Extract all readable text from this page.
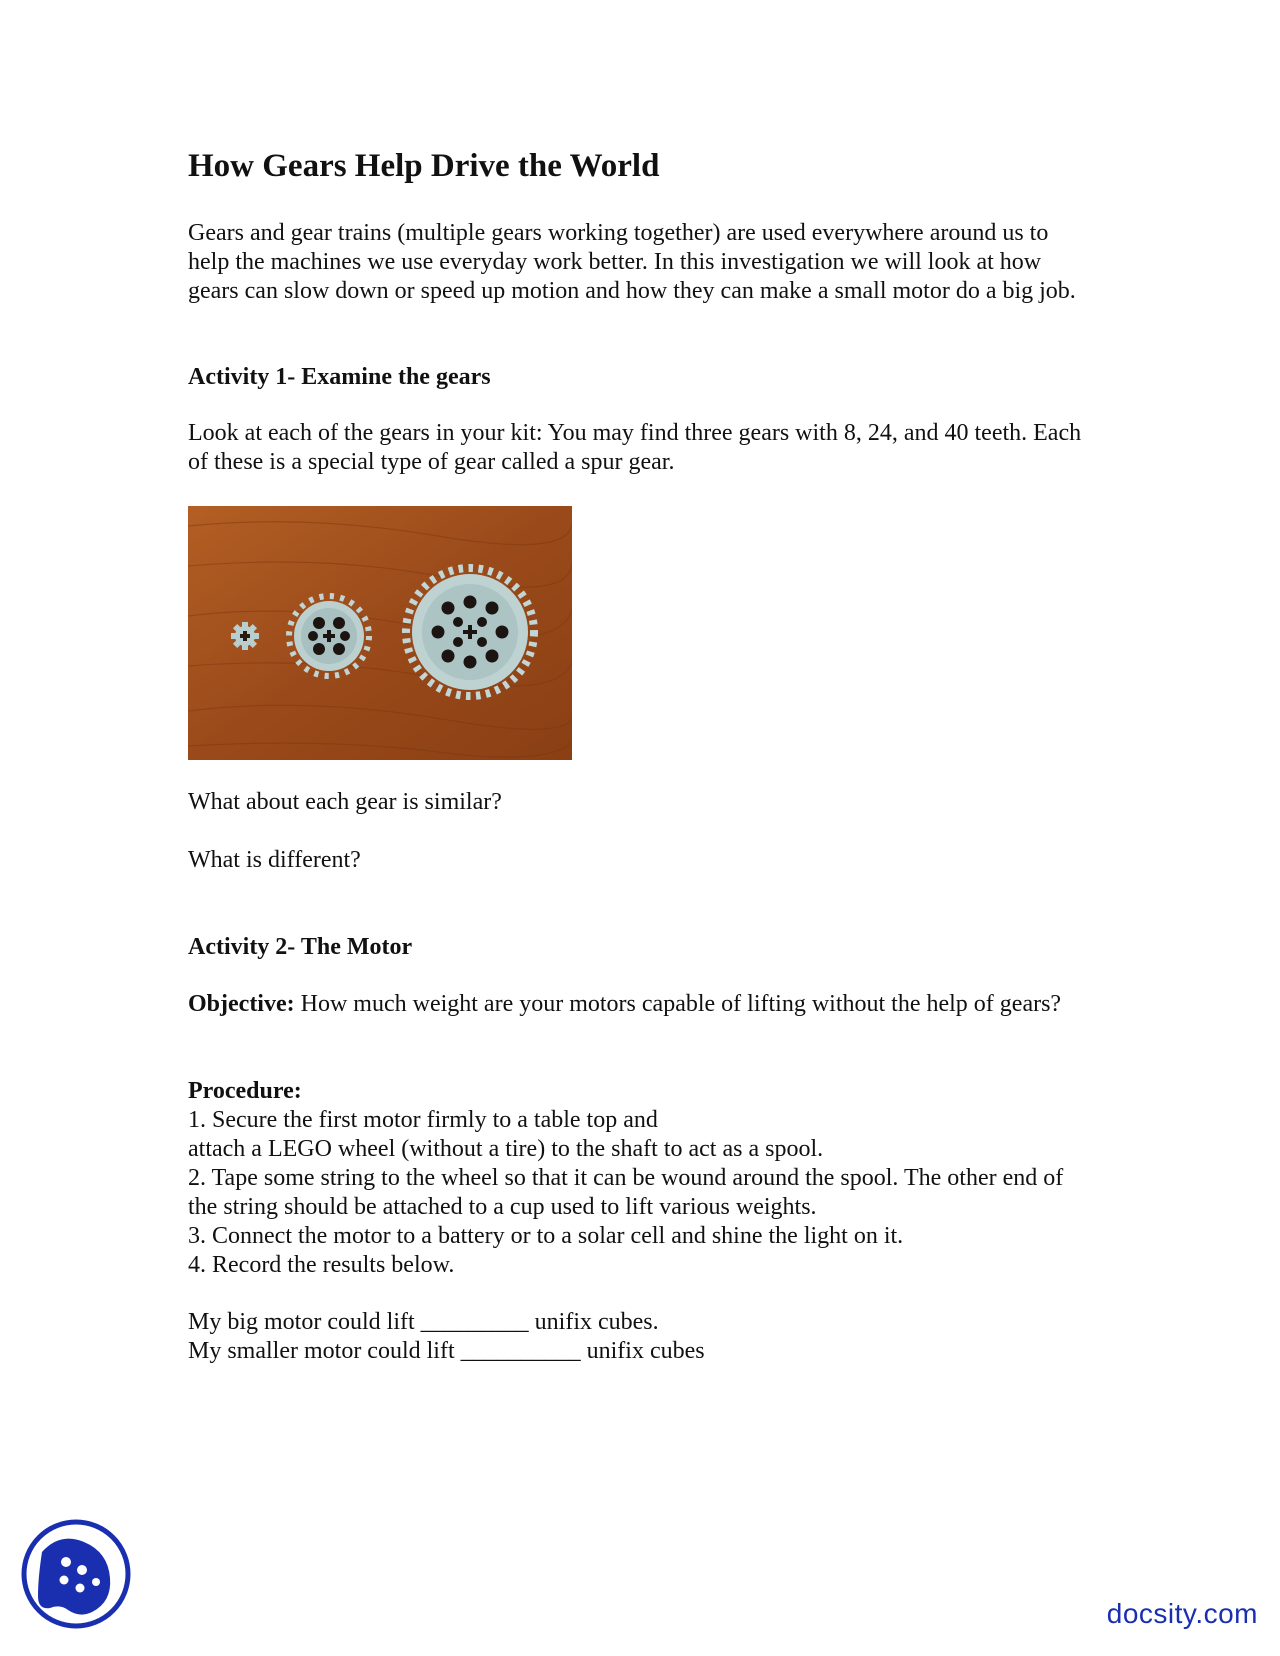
How Gears Help Drive the World

Gears and gear trains (multiple gears working together) are used everywhere around us to help the machines we use everyday work better. In this investigation we will look at how gears can slow down or speed up motion and how they can make a small motor do a big job.

Activity 1- Examine the gears

Look at each of the gears in your kit: You may find three gears with 8, 24, and 40 teeth. Each of these is a special type of gear called a spur gear.

What about each gear is similar?

What is different?

Activity 2- The Motor

Objective: How much weight are your motors capable of lifting without the help of gears?

Procedure:
1. Secure the first motor firmly to a table top and
attach a LEGO wheel (without a tire) to the shaft to act as a spool.
2. Tape some string to the wheel so that it can be wound around the spool. The other end of the string should be attached to a cup used to lift various weights.
3. Connect the motor to a battery or to a solar cell and shine the light on it.
4. Record the results below.
My big motor could lift _________ unifix cubes.
My smaller motor could lift __________ unifix cubes
docsity.com
